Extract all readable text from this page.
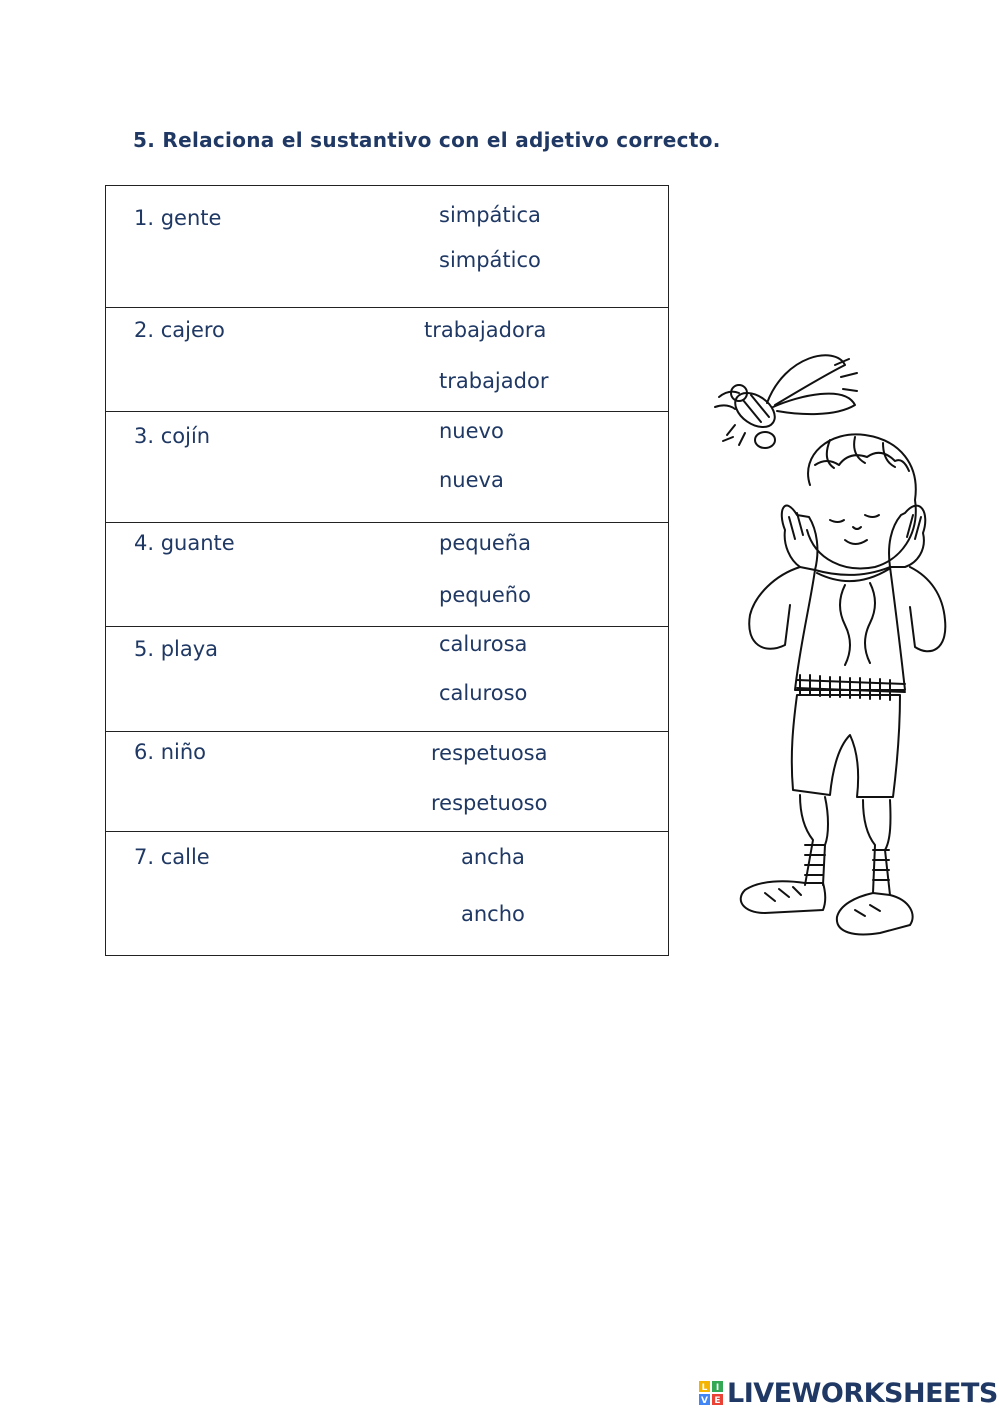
5. Relaciona el sustantivo con el adjetivo correcto.
1. gente	simpática
simpático
2. cajero	trabajadora
trabajador
3. cojín	nuevo
nueva
4. guante	pequeña
pequeño
5. playa	calurosa
caluroso
6. niño	respetuosa
respetuoso
7. calle	ancha
ancho
L I
V E LIVEWORKSHEETS
